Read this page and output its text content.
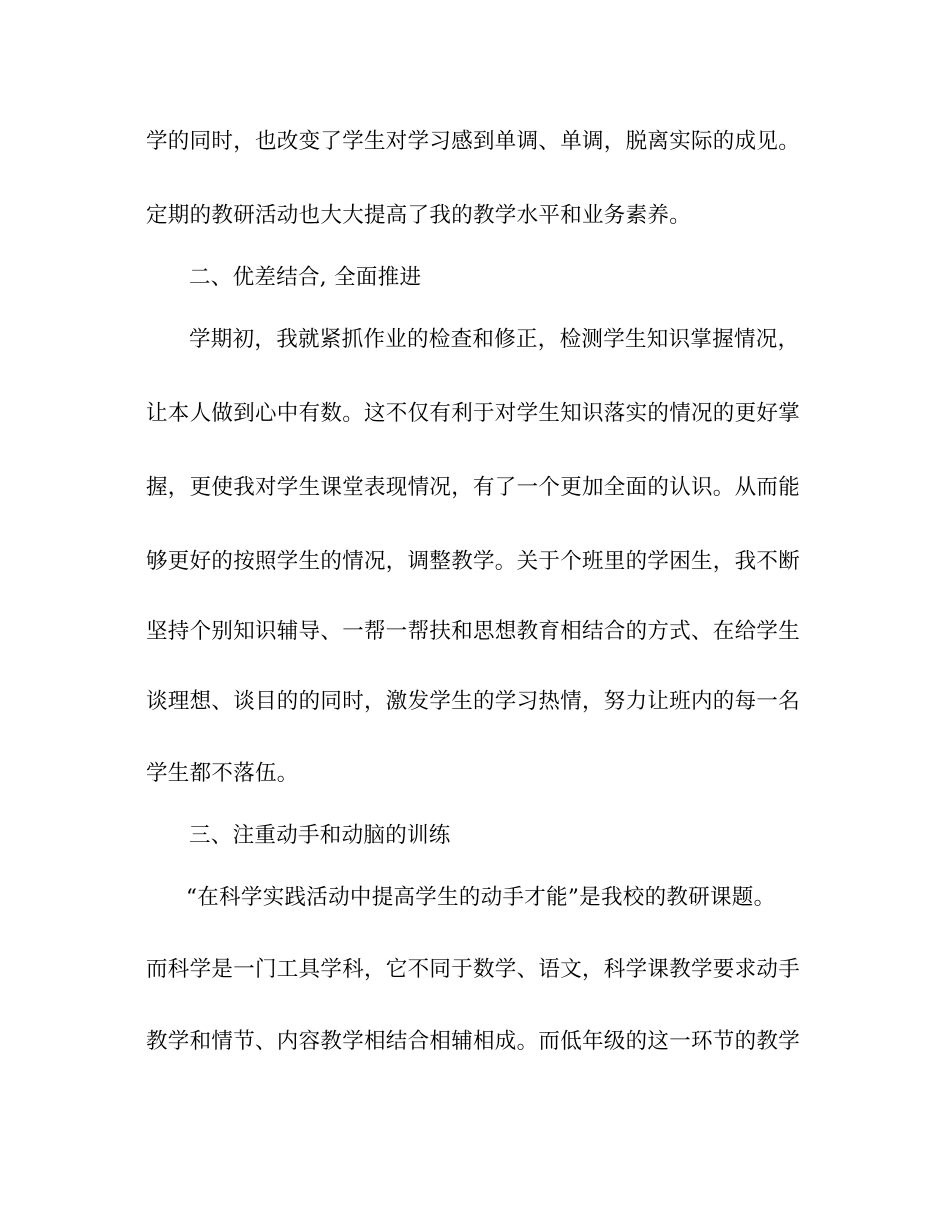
学的同时，也改变了学生对学习感到单调、单调，脱离实际的成见。
定期的教研活动也大大提高了我的教学水平和业务素养。
二、优差结合, 全面推进
学期初，我就紧抓作业的检查和修正，检测学生知识掌握情况，
让本人做到心中有数。这不仅有利于对学生知识落实的情况的更好掌
握，更使我对学生课堂表现情况，有了一个更加全面的认识。从而能
够更好的按照学生的情况，调整教学。关于个班里的学困生，我不断
坚持个别知识辅导、一帮一帮扶和思想教育相结合的方式、在给学生
谈理想、谈目的的同时，激发学生的学习热情，努力让班内的每一名
学生都不落伍。
三、注重动手和动脑的训练
“在科学实践活动中提高学生的动手才能”是我校的教研课题。
而科学是一门工具学科，它不同于数学、语文，科学课教学要求动手
教学和情节、内容教学相结合相辅相成。而低年级的这一环节的教学
